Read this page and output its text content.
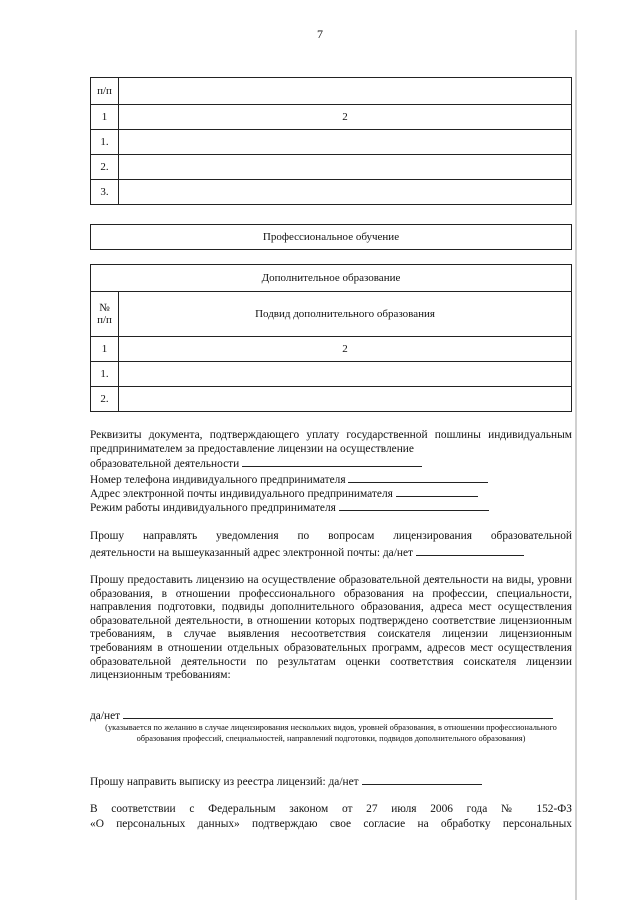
7
п/п	
1	2
1.	
2.	
3.	
Профессиональное обучение
Дополнительное образование	
№
п/п	Подвид дополнительного образования
1	2
1.	
2.	
Реквизиты документа, подтверждающего уплату государственной пошлины индивидуальным предпринимателем за предоставление лицензии на осуществление
образовательной деятельности
Номер телефона индивидуального предпринимателя
Адрес электронной почты индивидуального предпринимателя
Режим работы индивидуального предпринимателя
Прошу направлять уведомления по вопросам лицензирования образовательной
деятельности на вышеуказанный адрес электронной почты: да/нет
Прошу предоставить лицензию на осуществление образовательной деятельности на виды, уровни образования, в отношении профессионального образования на профессии, специальности, направления подготовки, подвиды дополнительного образования, адреса мест осуществления образовательной деятельности, в отношении которых подтверждено соответствие лицензионным требованиям, в случае выявления несоответствия соискателя лицензии лицензионным требованиям в отношении отдельных образовательных программ, адресов мест осуществления образовательной деятельности по результатам оценки соответствия соискателя лицензии лицензионным требованиям:
да/нет
(указывается по желанию в случае лицензирования нескольких видов, уровней образования, в отношении профессионального образования профессий, специальностей, направлений подготовки, подвидов дополнительного образования)
Прошу направить выписку из реестра лицензий: да/нет
В соответствии с Федеральным законом от 27 июля 2006 года № 152-ФЗ
«О персональных данных» подтверждаю свое согласие на обработку персональных
